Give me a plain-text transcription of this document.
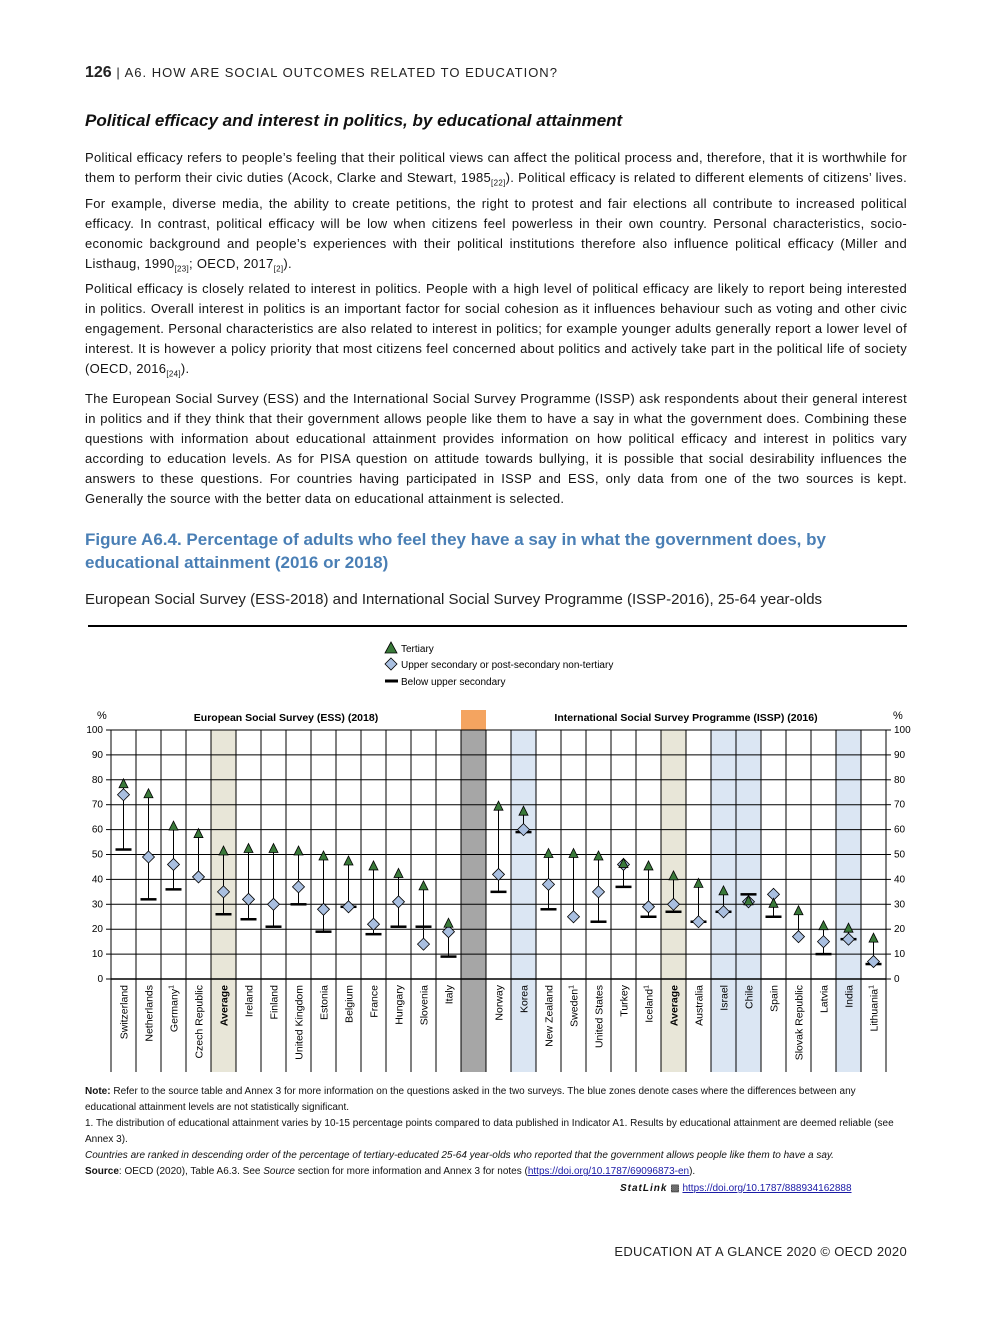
126 | A6. HOW ARE SOCIAL OUTCOMES RELATED TO EDUCATION?
Political efficacy and interest in politics, by educational attainment

Political efficacy refers to people’s feeling that their political views can affect the political process and, therefore, that it is worthwhile for them to perform their civic duties (Acock, Clarke and Stewart, $1985_{[22]}$). Political efficacy is related to different elements of citizens’ lives. For example, diverse media, the ability to create petitions, the right to protest and fair elections all contribute to increased political efficacy. In contrast, political efficacy will be low when citizens feel powerless in their own country. Personal characteristics, socio-economic background and people’s experiences with their political institutions therefore also influence political efficacy (Miller and Listhaug, $1990_{[23]}$; OECD, $2017_{[2]}$).

Political efficacy is closely related to interest in politics. People with a high level of political efficacy are likely to report being interested in politics. Overall interest in politics is an important factor for social cohesion as it influences behaviour such as voting and other civic engagement. Personal characteristics are also related to interest in politics; for example younger adults generally report a lower level of interest. It is however a policy priority that most citizens feel concerned about politics and actively take part in the political life of society (OECD, $2016_{[24]}$).

The European Social Survey (ESS) and the International Social Survey Programme (ISSP) ask respondents about their general interest in politics and if they think that their government allows people like them to have a say in what the government does. Combining these questions with information about educational attainment provides information on how political efficacy and interest in politics vary according to education levels. As for PISA question on attitude towards bullying, it is possible that social desirability influences the answers to these questions. For countries having participated in ISSP and ESS, only data from one of the two sources is kept. Generally the source with the better data on educational attainment is selected.

Figure A6.4. Percentage of adults who feel they have a say in what the government does, by educational attainment (2016 or 2018)
European Social Survey (ESS-2018) and International Social Survey Programme (ISSP-2016), 25-64 year-olds
0	0
10	10
20	20
30	30
40	40
50	50
60	60
70	70
80	80
90	90
100	100
%	%
European Social Survey (ESS) (2018)	International Social Survey Programme (ISSP) (2016)
Tertiary
Upper secondary or post-secondary non-tertiary
Below upper secondary
Switzerland Netherlands Germany$^1$	Czech Republic Average Ireland Finland United Kingdom Estonia Belgium France Hungary Slovenia Italy	Norway Korea New Zealand Sweden$^1$	United States Turkey Iceland$^1$	Average Australia Israel Chile Spain Slovak Republic Latvia India Lithuania$^1$

Note: Refer to the source table and Annex 3 for more information on the questions asked in the two surveys. The blue zones denote cases where the differences between any educational attainment levels are not statistically significant.

1. The distribution of educational attainment varies by 10-15 percentage points compared to data published in Indicator A1. Results by educational attainment are deemed reliable (see Annex 3).

Countries are ranked in descending order of the percentage of tertiary-educated 25-64 year-olds who reported that the government allows people like them to have a say.

Source: OECD (2020), Table A6.3. See Source section for more information and Annex 3 for notes (https://doi.org/10.1787/69096873-en).

StatLink ▩ https://doi.org/10.1787/888934162888
EDUCATION AT A GLANCE 2020 © OECD 2020
